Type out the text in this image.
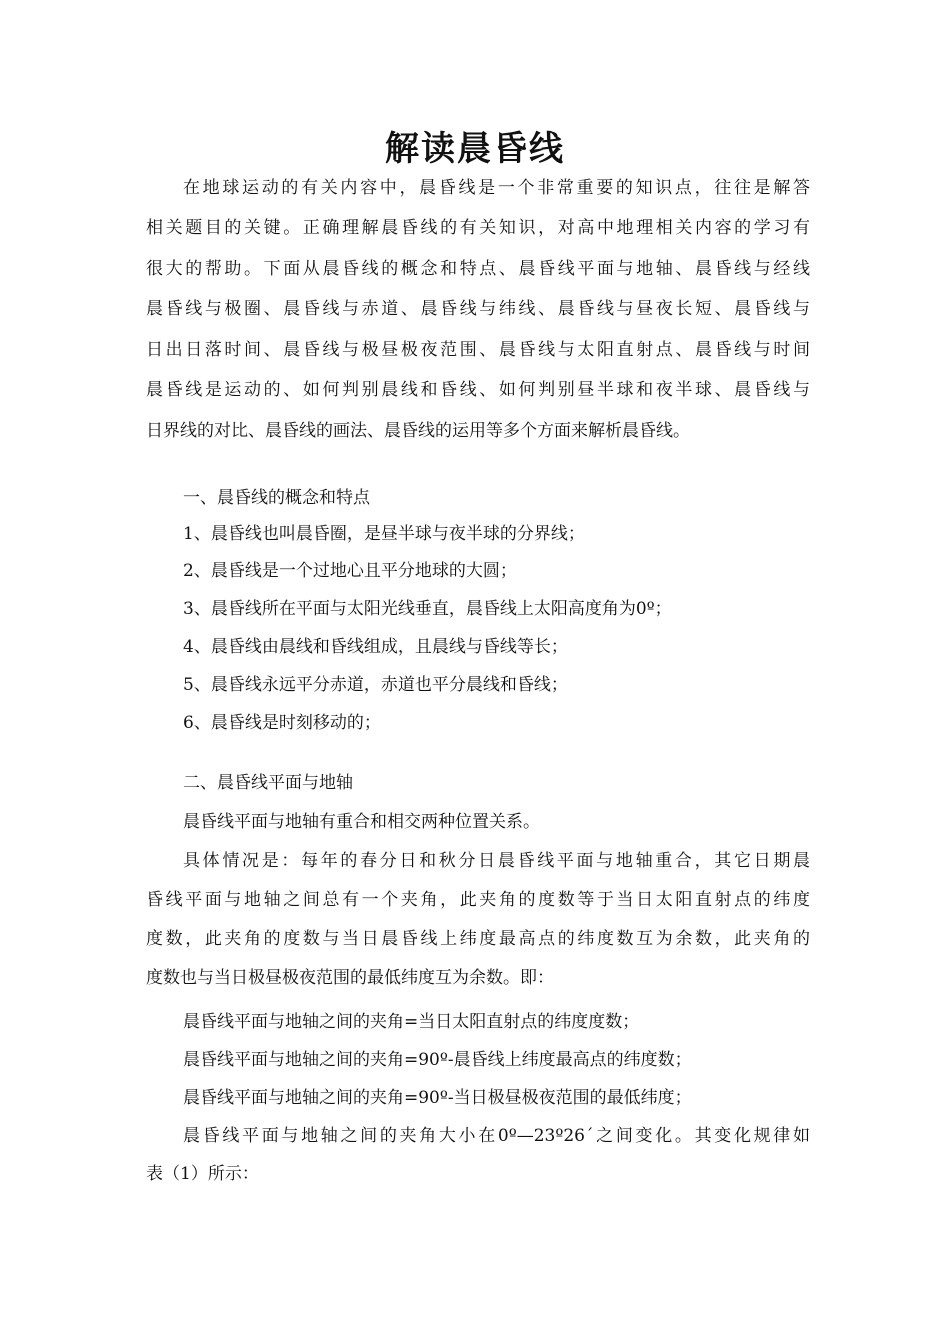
解读晨昏线
在地球运动的有关内容中，晨昏线是一个非常重要的知识点，往往是解答
相关题目的关键。正确理解晨昏线的有关知识，对高中地理相关内容的学习有
很大的帮助。下面从晨昏线的概念和特点、晨昏线平面与地轴、晨昏线与经线
晨昏线与极圈、晨昏线与赤道、晨昏线与纬线、晨昏线与昼夜长短、晨昏线与
日出日落时间、晨昏线与极昼极夜范围、晨昏线与太阳直射点、晨昏线与时间
晨昏线是运动的、如何判别晨线和昏线、如何判别昼半球和夜半球、晨昏线与
日界线的对比、晨昏线的画法、晨昏线的运用等多个方面来解析晨昏线。
一、晨昏线的概念和特点
1、晨昏线也叫晨昏圈，是昼半球与夜半球的分界线；
2、晨昏线是一个过地心且平分地球的大圆；
3、晨昏线所在平面与太阳光线垂直，晨昏线上太阳高度角为0º；
4、晨昏线由晨线和昏线组成，且晨线与昏线等长；
5、晨昏线永远平分赤道，赤道也平分晨线和昏线；
6、晨昏线是时刻移动的；
二、晨昏线平面与地轴
晨昏线平面与地轴有重合和相交两种位置关系。
具体情况是：每年的春分日和秋分日晨昏线平面与地轴重合，其它日期晨
昏线平面与地轴之间总有一个夹角，此夹角的度数等于当日太阳直射点的纬度
度数，此夹角的度数与当日晨昏线上纬度最高点的纬度数互为余数，此夹角的
度数也与当日极昼极夜范围的最低纬度互为余数。即：
晨昏线平面与地轴之间的夹角=当日太阳直射点的纬度度数；
晨昏线平面与地轴之间的夹角=90º-晨昏线上纬度最高点的纬度数；
晨昏线平面与地轴之间的夹角=90º-当日极昼极夜范围的最低纬度；
晨昏线平面与地轴之间的夹角大小在0º—23º26´之间变化。其变化规律如
表（1）所示：
